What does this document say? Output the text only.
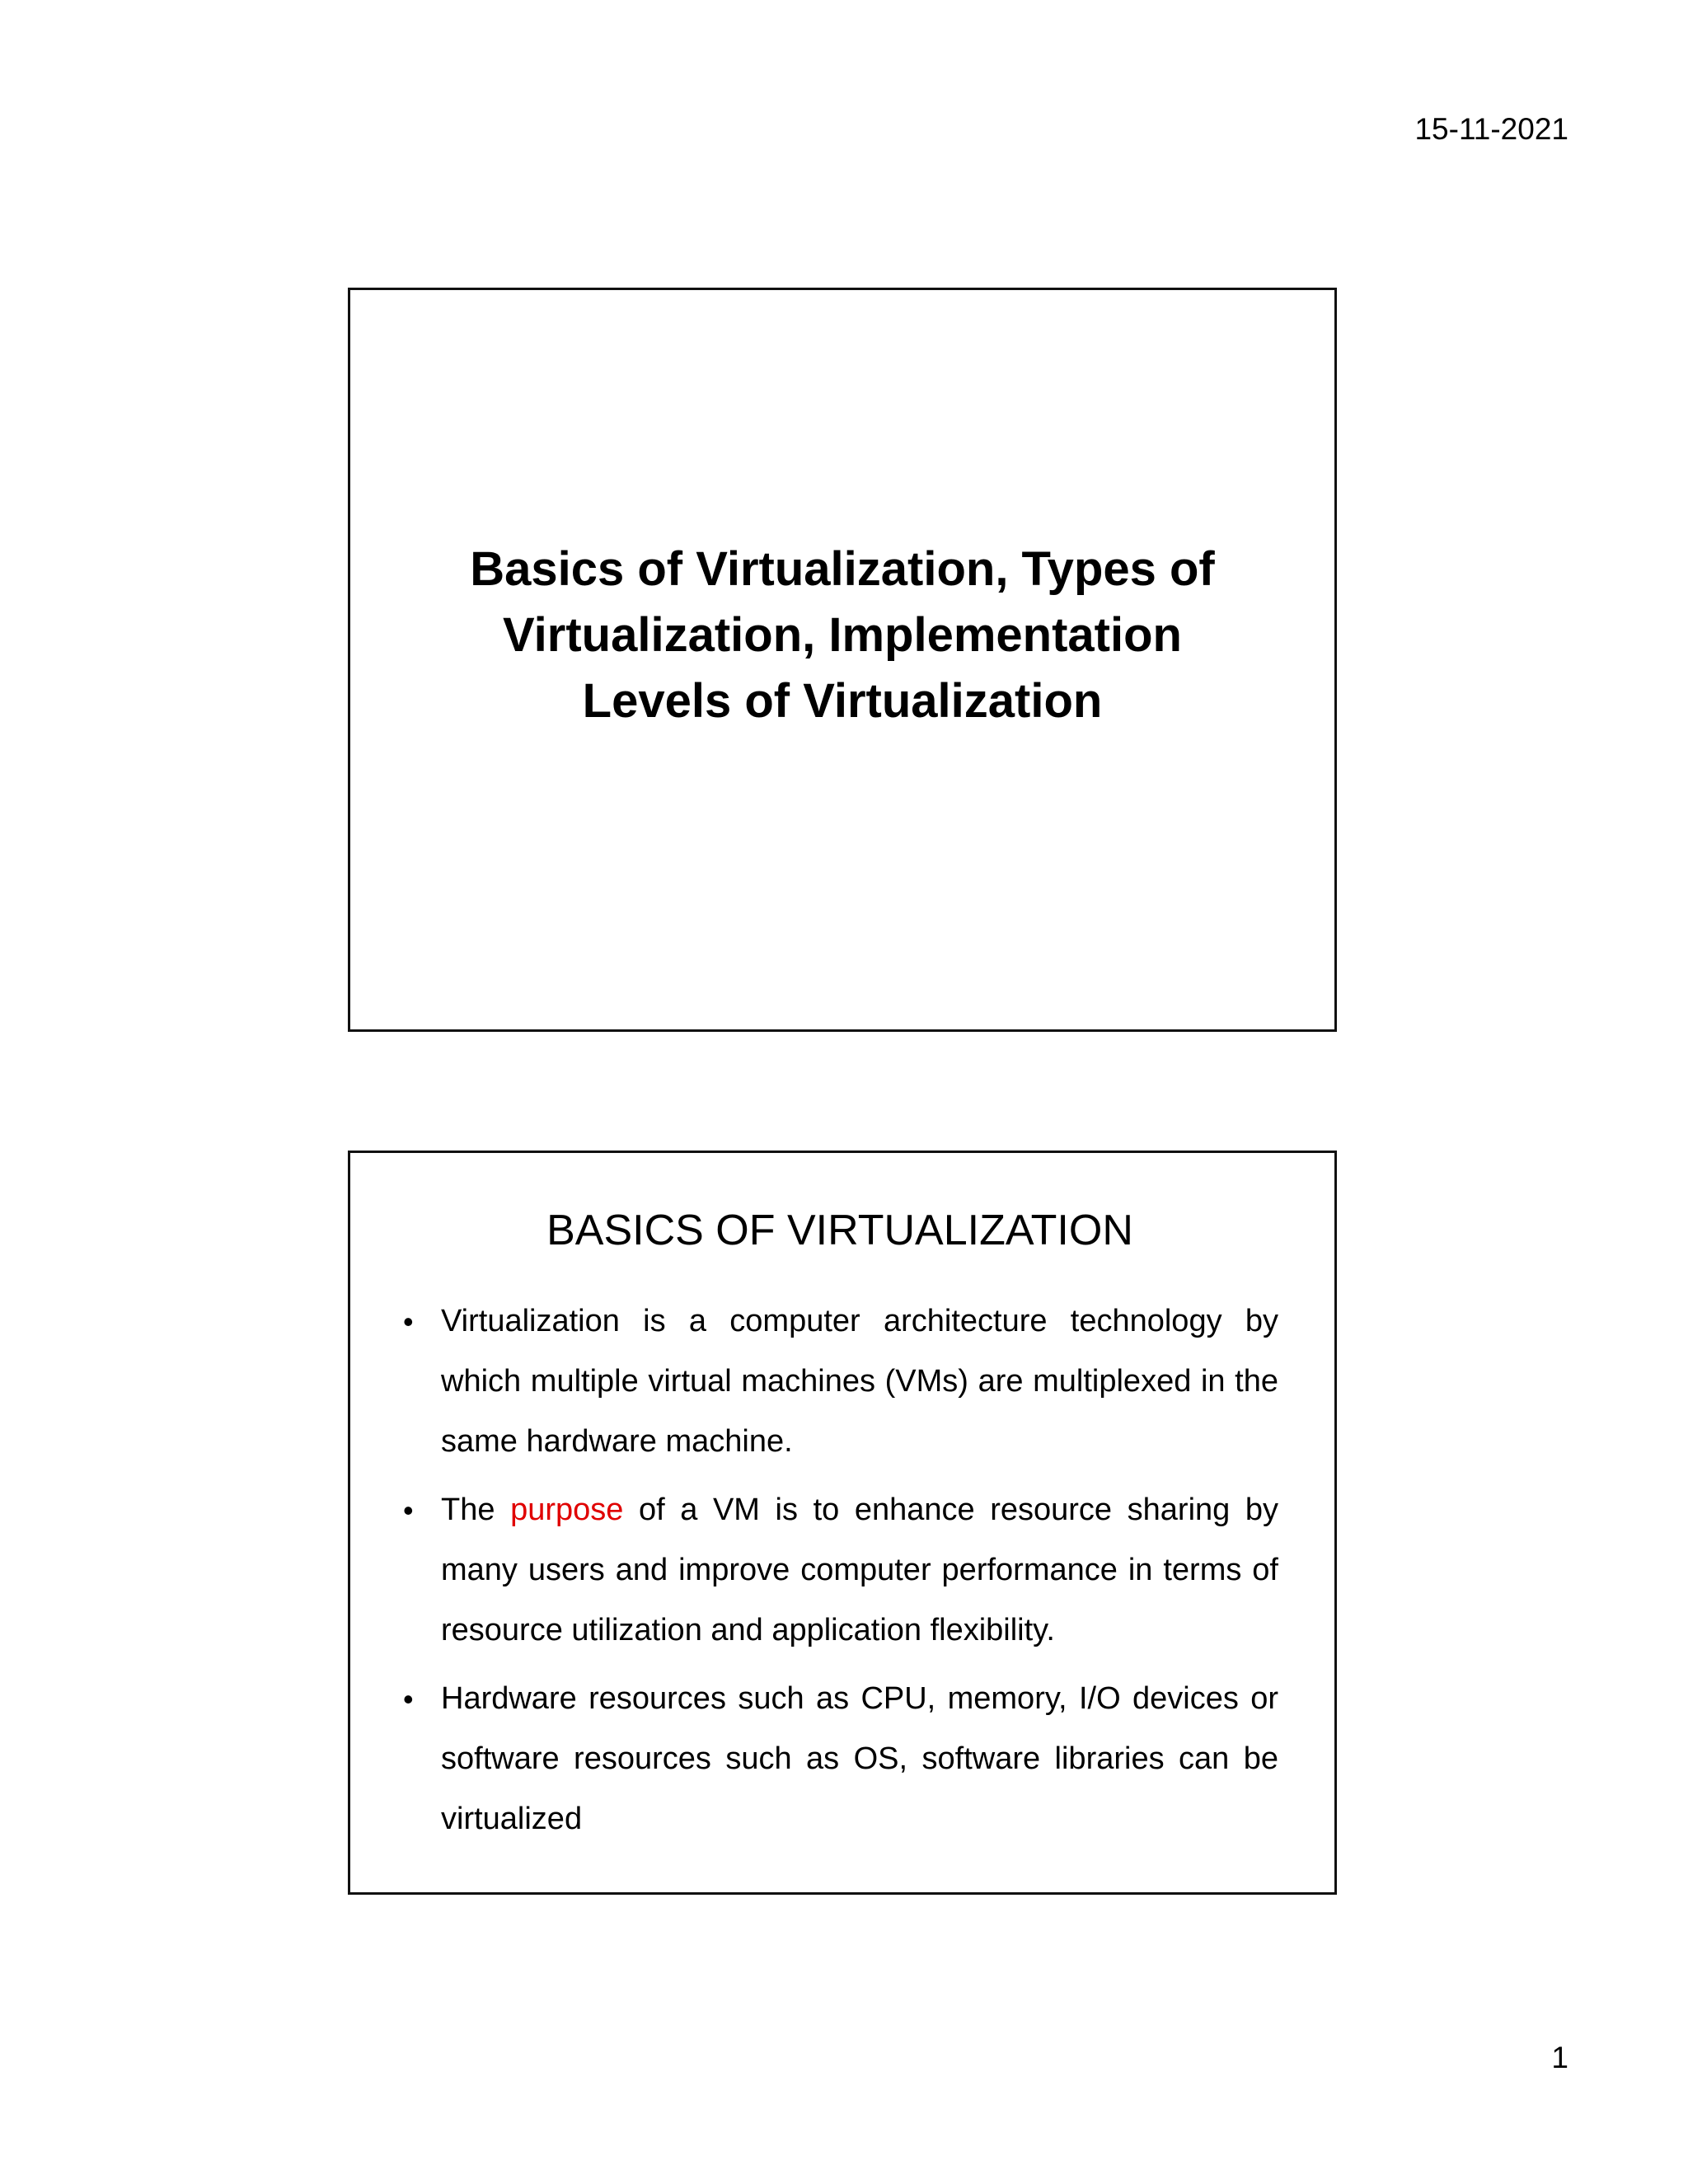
15-11-2021
Basics of Virtualization, Types of Virtualization, Implementation Levels of Virtualization
BASICS OF VIRTUALIZATION
• Virtualization is a computer architecture technology by which multiple virtual machines (VMs) are multiplexed in the same hardware machine.
• The purpose of a VM is to enhance resource sharing by many users and improve computer performance in terms of resource utilization and application flexibility.
• Hardware resources such as CPU, memory, I/O devices or software resources such as OS, software libraries can be virtualized
1
